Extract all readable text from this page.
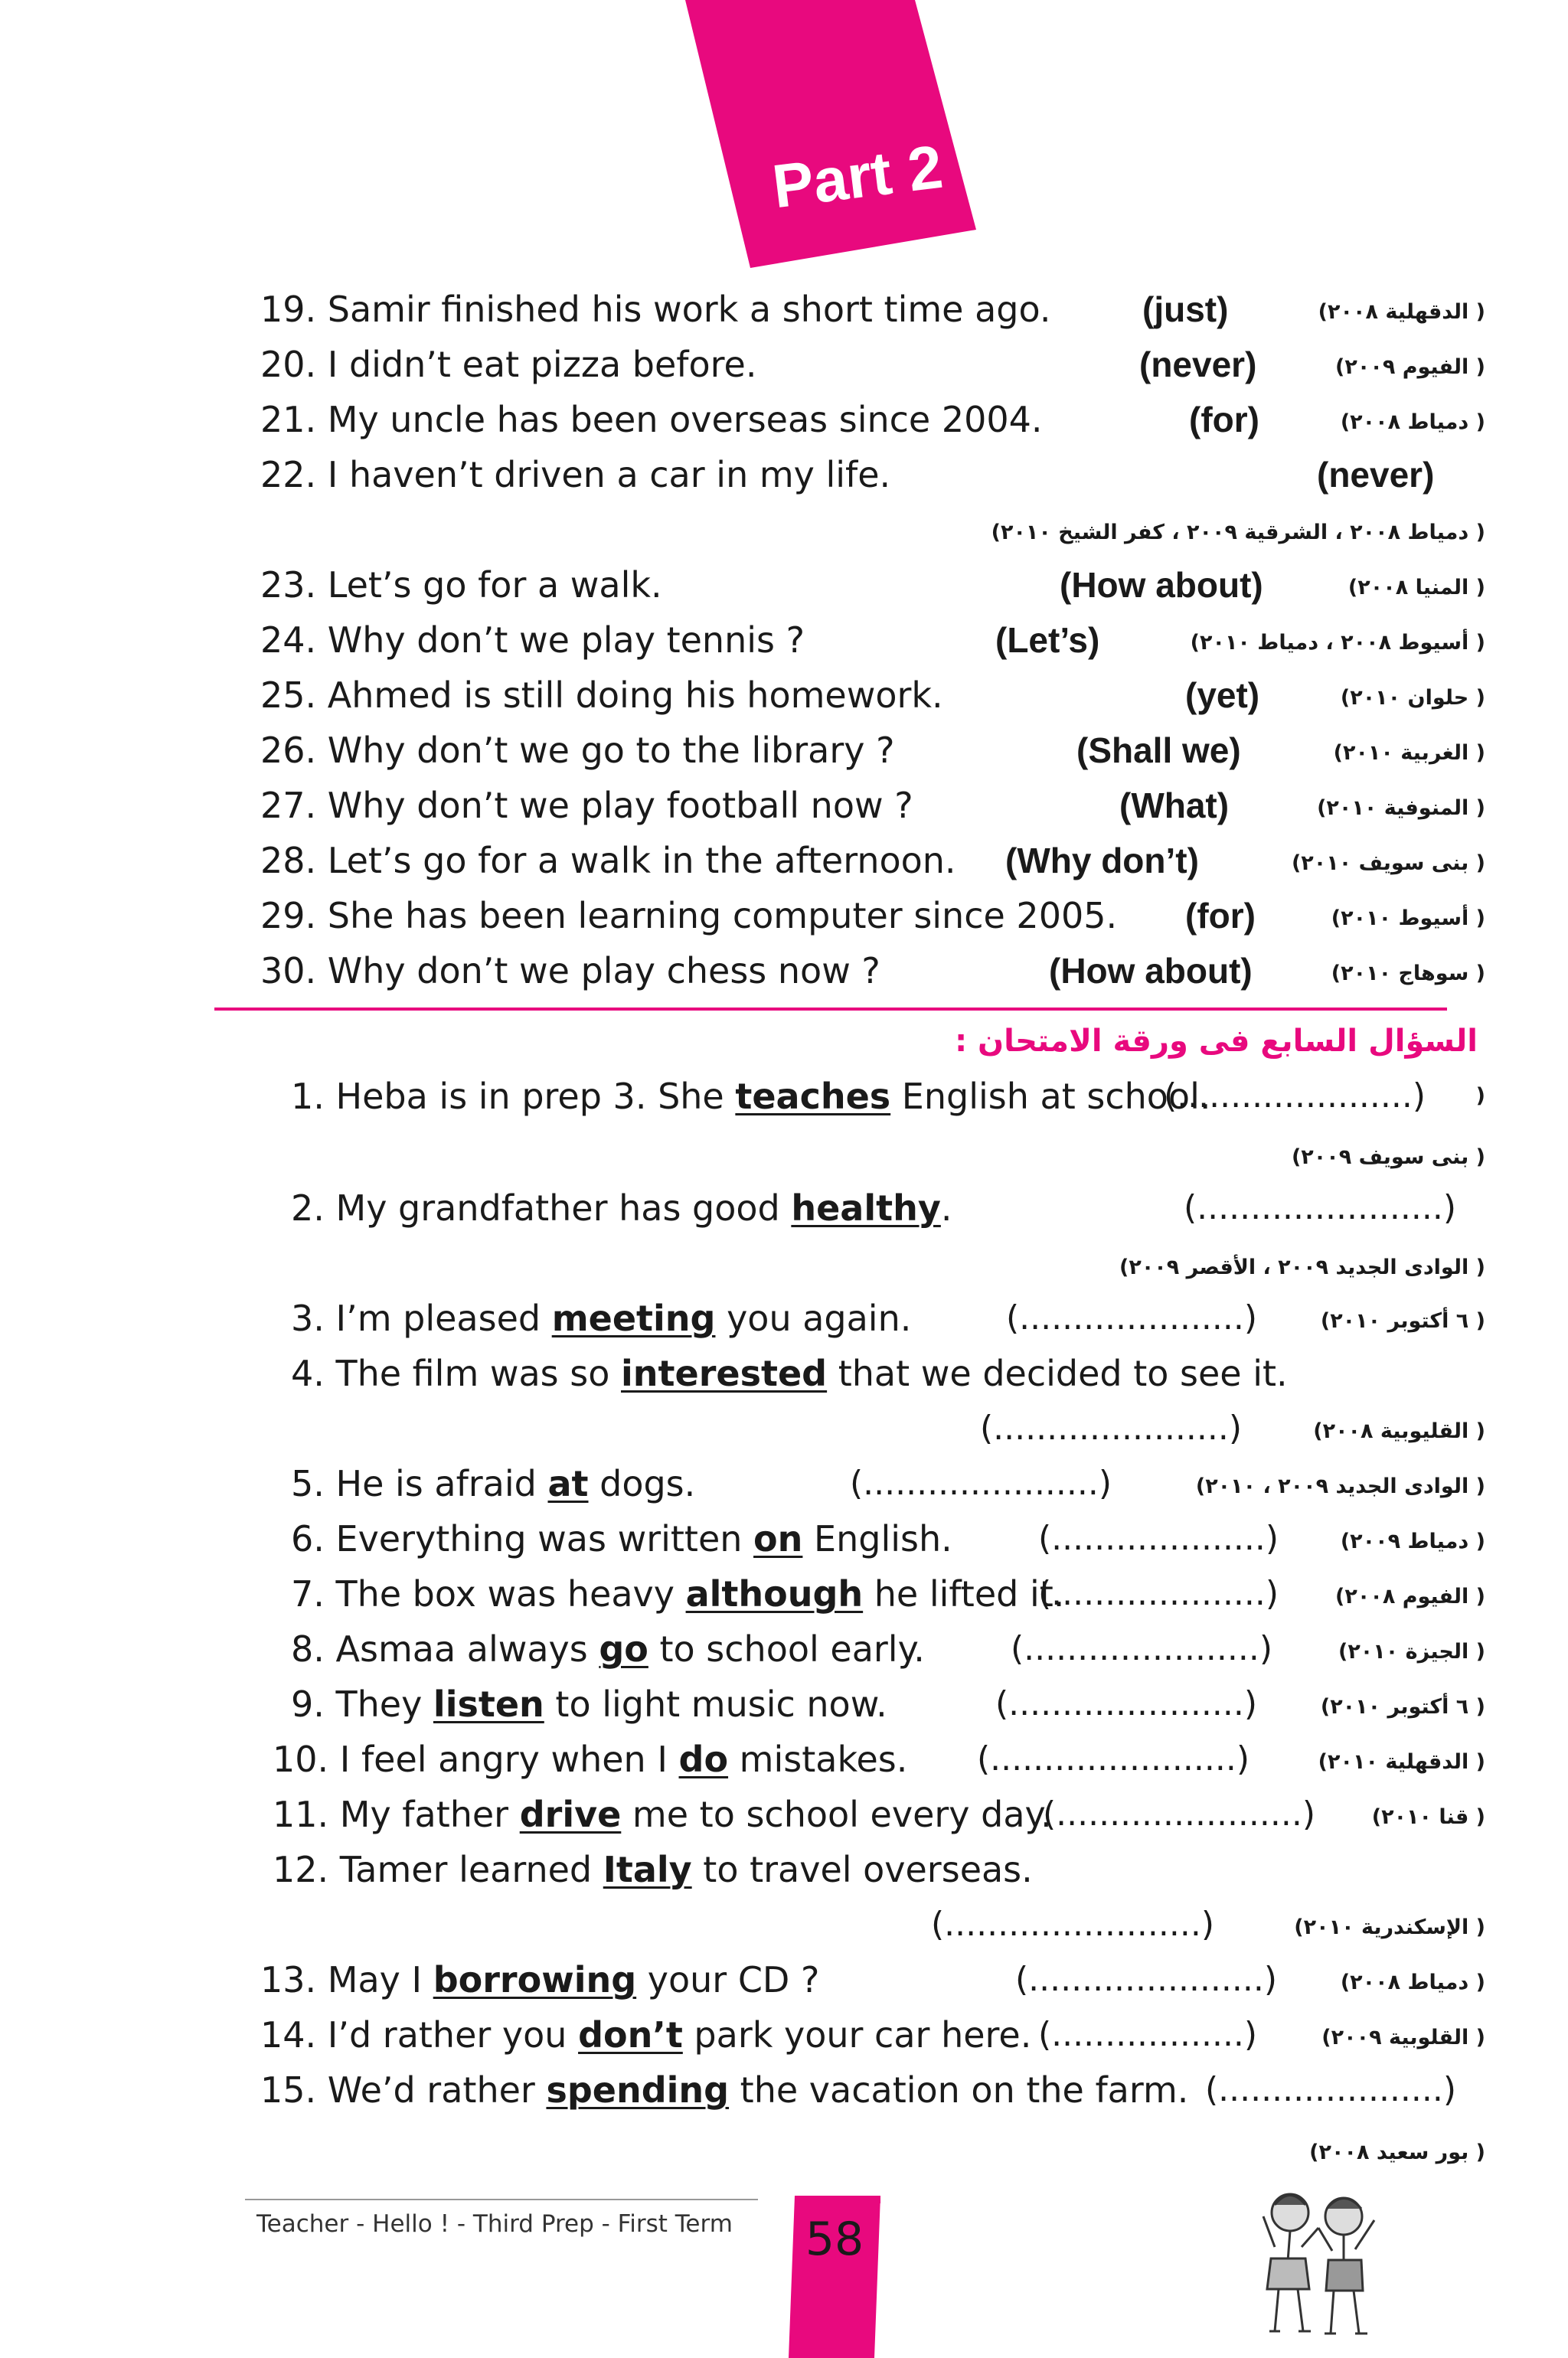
Part 2
19. Samir finished his work a short time ago.	(just)	( الدقهلية ٢٠٠٨)
20. I didn’t eat pizza before.	(never)	( الفيوم ٢٠٠٩)
21. My uncle has been overseas since 2004.	(for)	( دمياط ٢٠٠٨)
22. I haven’t driven a car in my life.	(never)
( دمياط ٢٠٠٨ ، الشرقية ٢٠٠٩ ، كفر الشيخ ٢٠١٠)
23. Let’s go for a walk.	(How about)	( المنيا ٢٠٠٨)
24. Why don’t we play tennis ?	(Let’s)	( أسيوط ٢٠٠٨ ، دمياط ٢٠١٠)
25. Ahmed is still doing his homework.	(yet)	( حلوان ٢٠١٠)
26. Why don’t we go to the library ?	(Shall we)	( الغربية ٢٠١٠)
27. Why don’t we play football now ?	(What)	( المنوفية ٢٠١٠)
28. Let’s go for a walk in the afternoon. (Why don’t)	( بنى سويف ٢٠١٠)
29. She has been learning computer since 2005. (for)	( أسيوط ٢٠١٠)
30. Why don’t we play chess now ?	(How about)	( سوهاج ٢٠١٠)
السؤال السابع فى ورقة الامتحان :
1. Heba is in prep 3. She teaches English at school.
(......................) (
( بنى سويف ٢٠٠٩)
2. My grandfather has good healthy.	(.......................)
( الوادى الجديد ٢٠٠٩ ، الأقصر ٢٠٠٩)
3. I’m pleased meeting you again.	(.....................)	( ٦ أكتوبر ٢٠١٠)
4. The film was so interested that we decided to see it.
(......................)	( القليوبية ٢٠٠٨)
5. He is afraid at dogs.	(......................)	( الوادى الجديد ٢٠٠٩ ، ٢٠١٠)
6. Everything was written on English.	(....................)	( دمياط ٢٠٠٩)
7. The box was heavy although he lifted it.
(....................)	( الفيوم ٢٠٠٨)
8. Asmaa always go to school early.	(......................)	( الجيزة ٢٠١٠)
9. They listen to light music now.	(......................)	( ٦ أكتوبر ٢٠١٠)
10. I feel angry when I do mistakes. (.......................)	( الدقهلية ٢٠١٠)
11. My father drive me to school every day.
(.......................)	( قنا ٢٠١٠)
12. Tamer learned Italy to travel overseas.
(........................)	( الإسكندرية ٢٠١٠)
13. May I borrowing your CD ?	(......................)	( دمياط ٢٠٠٨)
14. I’d rather you don’t park your car here. (..................)	( القلوبية ٢٠٠٩)
15. We’d rather spending the vacation on the farm. (.....................)
( بور سعيد ٢٠٠٨)
Teacher - Hello ! - Third Prep - First Term	58
